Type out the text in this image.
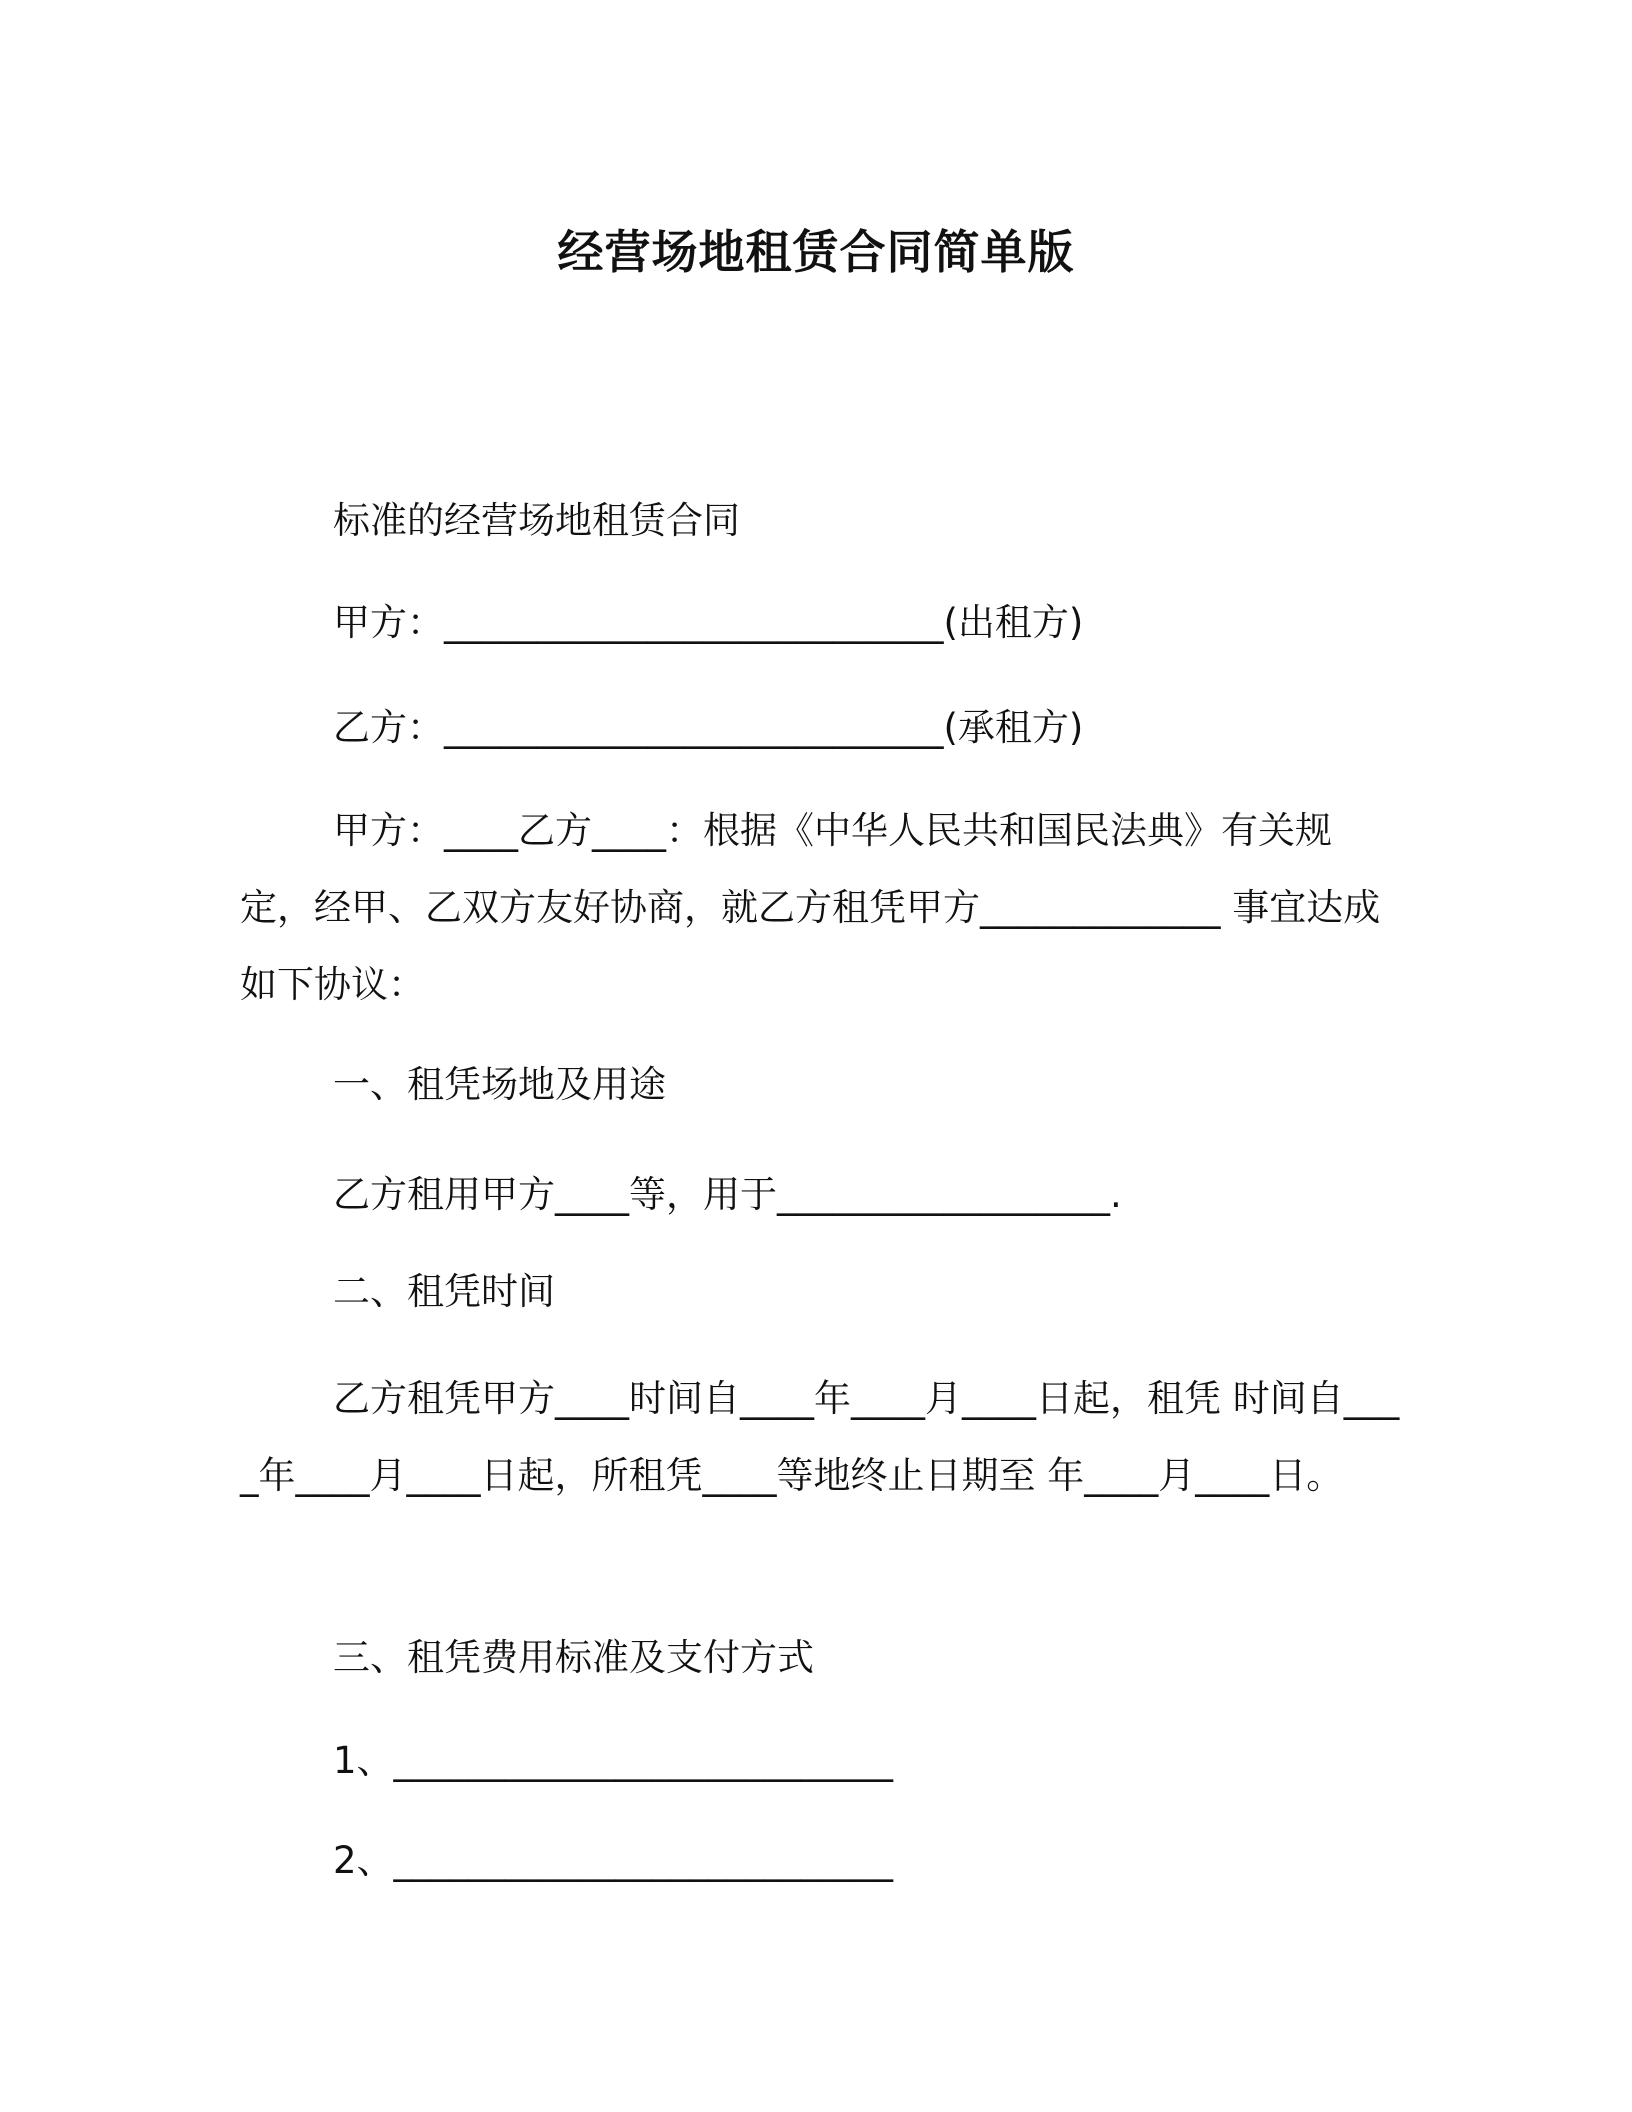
经营场地租赁合同简单版

标准的经营场地租赁合同

甲方：___________________________(出租方)

乙方：___________________________(承租方)

甲方：____乙方____：根据《中华人民共和国民法典》有关规定，经甲、乙双方友好协商，就乙方租凭甲方_____________ 事宜达成如下协议：

一、租凭场地及用途

乙方租用甲方____等，用于__________________.

二、租凭时间

乙方租凭甲方____时间自____年____月____日起，租凭 时间自____年____月____日起，所租凭____等地终止日期至 年____月____日。

三、租凭费用标准及支付方式

1、___________________________

2、___________________________
